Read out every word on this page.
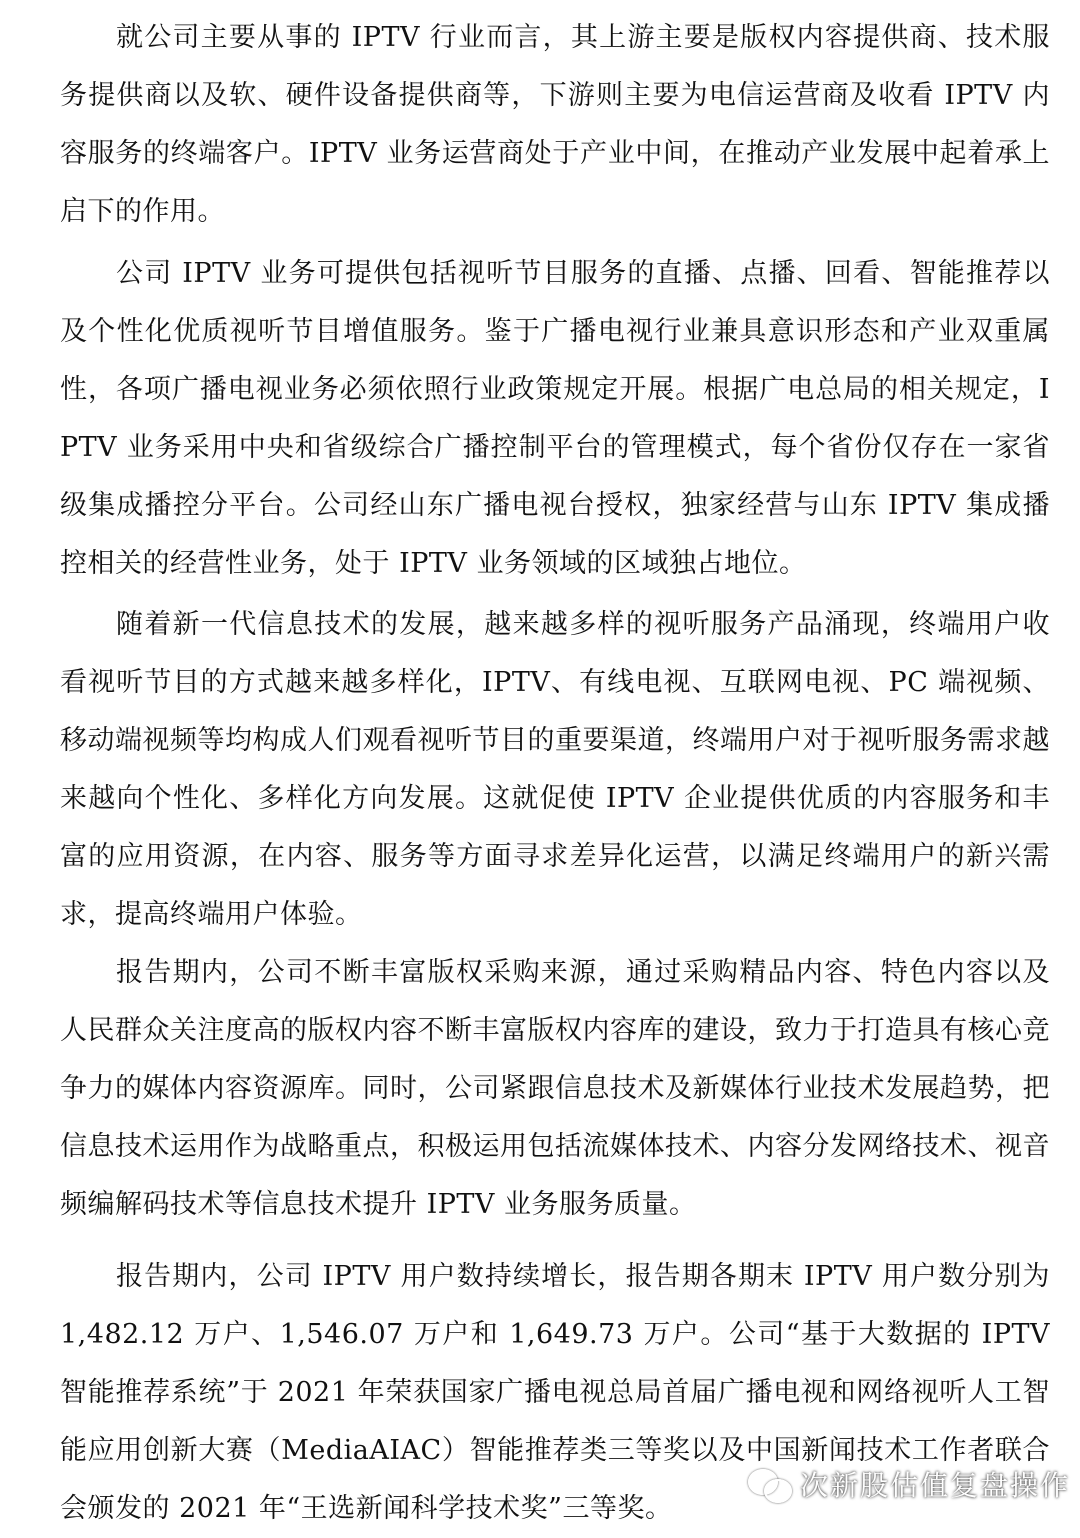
就公司主要从事的 IPTV 行业而言，其上游主要是版权内容提供商、技术服务提供商以及软、硬件设备提供商等，下游则主要为电信运营商及收看 IPTV 内容服务的终端客户。IPTV 业务运营商处于产业中间，在推动产业发展中起着承上启下的作用。

公司 IPTV 业务可提供包括视听节目服务的直播、点播、回看、智能推荐以及个性化优质视听节目增值服务。鉴于广播电视行业兼具意识形态和产业双重属性，各项广播电视业务必须依照行业政策规定开展。根据广电总局的相关规定，IPTV 业务采用中央和省级综合广播控制平台的管理模式，每个省份仅存在一家省级集成播控分平台。公司经山东广播电视台授权，独家经营与山东 IPTV 集成播控相关的经营性业务，处于 IPTV 业务领域的区域独占地位。

随着新一代信息技术的发展，越来越多样的视听服务产品涌现，终端用户收看视听节目的方式越来越多样化，IPTV、有线电视、互联网电视、PC 端视频、移动端视频等均构成人们观看视听节目的重要渠道，终端用户对于视听服务需求越来越向个性化、多样化方向发展。这就促使 IPTV 企业提供优质的内容服务和丰富的应用资源，在内容、服务等方面寻求差异化运营，以满足终端用户的新兴需求，提高终端用户体验。

报告期内，公司不断丰富版权采购来源，通过采购精品内容、特色内容以及人民群众关注度高的版权内容不断丰富版权内容库的建设，致力于打造具有核心竞争力的媒体内容资源库。同时，公司紧跟信息技术及新媒体行业技术发展趋势，把信息技术运用作为战略重点，积极运用包括流媒体技术、内容分发网络技术、视音频编解码技术等信息技术提升 IPTV 业务服务质量。

报告期内，公司 IPTV 用户数持续增长，报告期各期末 IPTV 用户数分别为 1,482.12 万户、1,546.07 万户和 1,649.73 万户。公司“基于大数据的 IPTV 智能推荐系统”于 2021 年荣获国家广播电视总局首届广播电视和网络视听人工智能应用创新大赛（MediaAIAC）智能推荐类三等奖以及中国新闻技术工作者联合会颁发的 2021 年“王选新闻科学技术奖”三等奖。

次新股估值复盘操作
